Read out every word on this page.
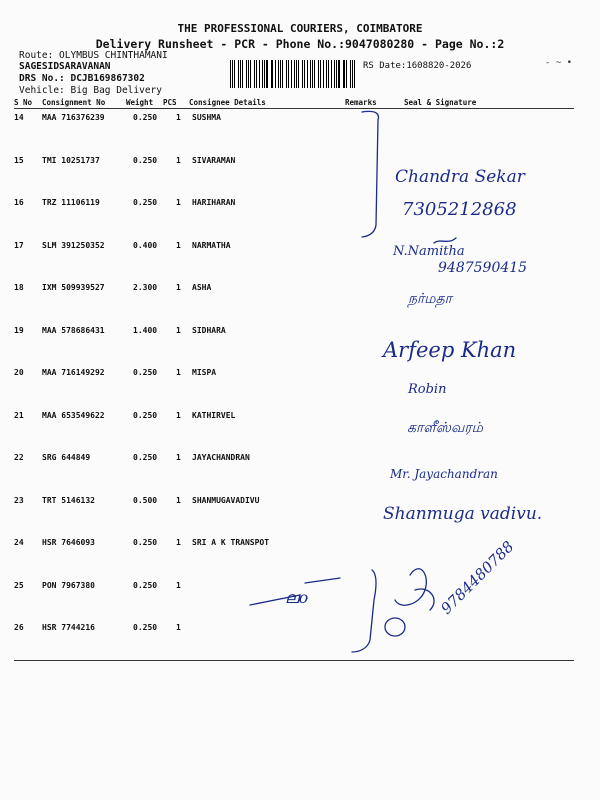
THE PROFESSIONAL COURIERS, COIMBATORE
Delivery Runsheet - PCR - Phone No.:9047080280 - Page No.:2
Route: OLYMBUS CHINTHAMANI
SAGESIDSARAVANAN
DRS No.: DCJB169867302
Vehicle: Big Bag Delivery
RS Date:1608820-2026	- ~ •
S No Consignment No	Weight PCS Consignee Details	Remarks	Seal & Signature
14 MAA 716376239	0.250 1 SUSHMA
15 TMI 10251737	0.250 1 SIVARAMAN
16 TRZ 11106119	0.250 1 HARIHARAN
17 SLM 391250352	0.400 1 NARMATHA
18 IXM 509939527	2.300 1 ASHA
19 MAA 578686431	1.400 1 SIDHARA
20 MAA 716149292	0.250 1 MISPA
21 MAA 653549622	0.250 1 KATHIRVEL
22 SRG 644849	0.250 1 JAYACHANDRAN
23 TRT 5146132	0.500 1 SHANMUGAVADIVU
24 HSR 7646093	0.250 1 SRI A K TRANSPOT
25 PON 7967380	0.250 1
26 HSR 7744216	0.250 1
Chandra Sekar
7305212868
N.Namitha
9487590415
நர்மதா
Arfeep Khan
Robin
காளீஸ்வரம்
Mr. Jayachandran
Shanmuga vadivu.
9784480788
ലo
